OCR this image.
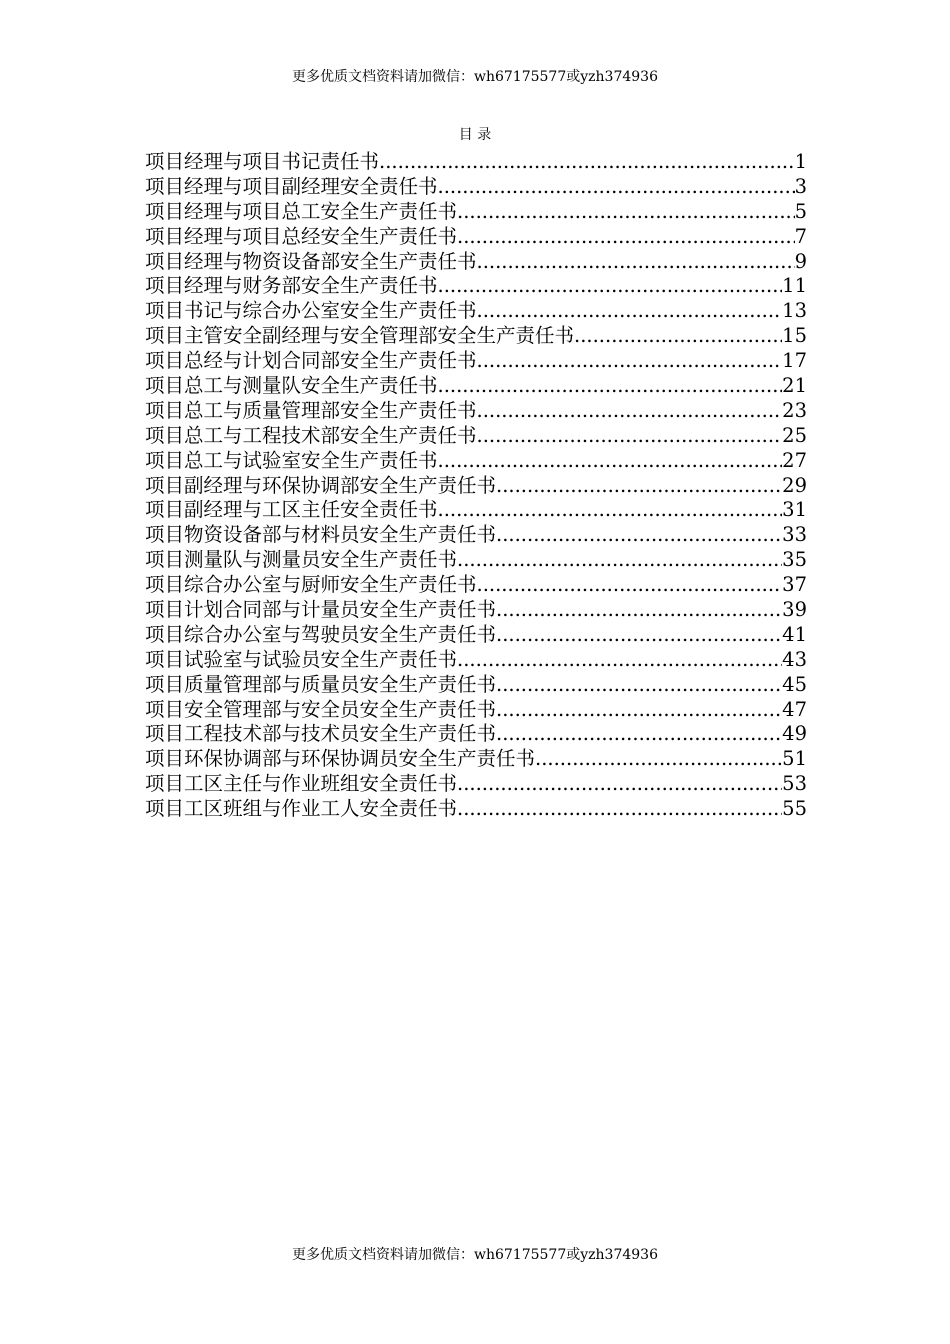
更多优质文档资料请加微信：wh67175577或yzh374936
目 录
项目经理与项目书记责任书 .....	1
项目经理与项目副经理安全责任书 .....	3
项目经理与项目总工安全生产责任书 .....	5
项目经理与项目总经安全生产责任书 .....	7
项目经理与物资设备部安全生产责任书 .....	9
项目经理与财务部安全生产责任书 .....	11
项目书记与综合办公室安全生产责任书 .....	13
项目主管安全副经理与安全管理部安全生产责任书 .....	15
项目总经与计划合同部安全生产责任书 .....	17
项目总工与测量队安全生产责任书 .....	21
项目总工与质量管理部安全生产责任书 .....	23
项目总工与工程技术部安全生产责任书 .....	25
项目总工与试验室安全生产责任书 .....	27
项目副经理与环保协调部安全生产责任书 .....	29
项目副经理与工区主任安全责任书 .....	31
项目物资设备部与材料员安全生产责任书 .....	33
项目测量队与测量员安全生产责任书 .....	35
项目综合办公室与厨师安全生产责任书 .....	37
项目计划合同部与计量员安全生产责任书 .....	39
项目综合办公室与驾驶员安全生产责任书 .....	41
项目试验室与试验员安全生产责任书 .....	43
项目质量管理部与质量员安全生产责任书 .....	45
项目安全管理部与安全员安全生产责任书 .....	47
项目工程技术部与技术员安全生产责任书 .....	49
项目环保协调部与环保协调员安全生产责任书 .....	51
项目工区主任与作业班组安全责任书 .....	53
项目工区班组与作业工人安全责任书 .....	55
更多优质文档资料请加微信：wh67175577或yzh374936
